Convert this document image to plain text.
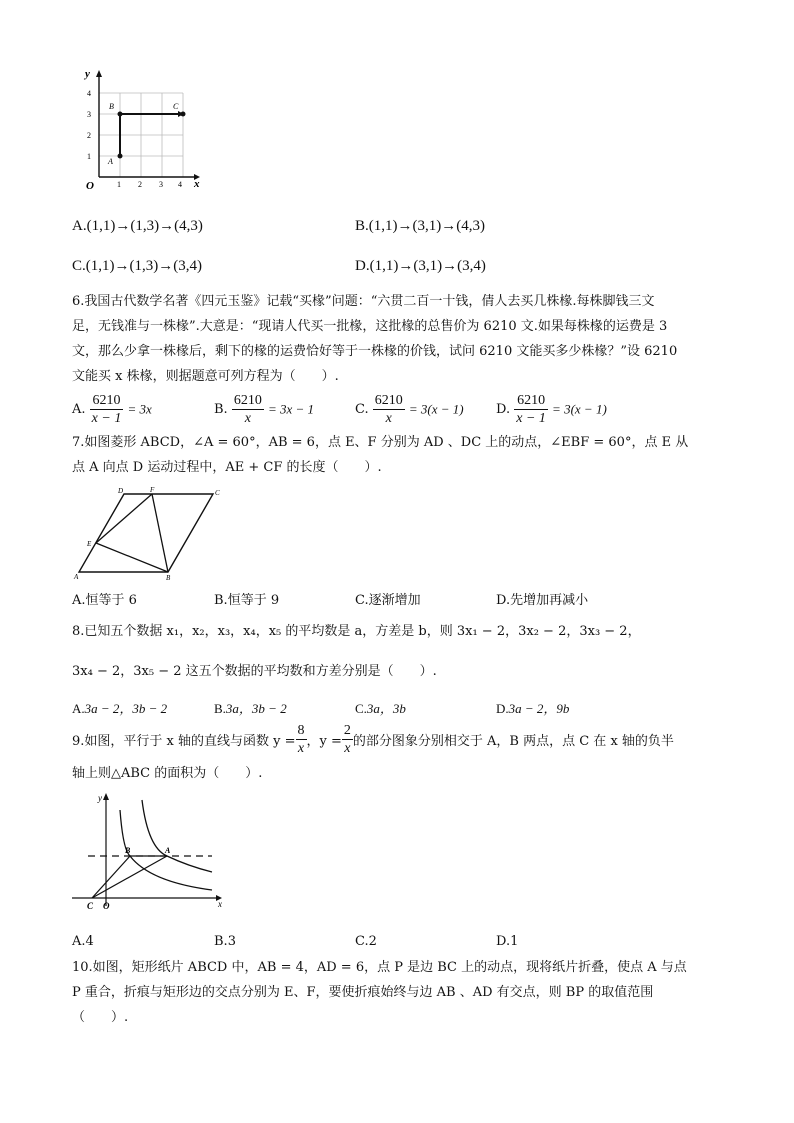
y
x
O
1
2
3
4
1 2 3 4
A
B	C
A.(1,1)→(1,3)→(4,3)	B.(1,1)→(3,1)→(4,3)
C.(1,1)→(1,3)→(3,4)	D.(1,1)→(3,1)→(3,4)
6.我国古代数学名著《四元玉鉴》记载“买椽”问题：“六贯二百一十钱，倩人去买几株椽.每株脚钱三文
足，无钱准与一株椽”.大意是：“现请人代买一批椽，这批椽的总售价为 6210 文.如果每株椽的运费是 3
文，那么少拿一株椽后，剩下的椽的运费恰好等于一株椽的价钱，试问 6210 文能买多少株椽？”设 6210
文能买 x 株椽，则据题意可列方程为（　　）.
A. $\frac{6210}{x - 1} = 3x$	B. $\frac{6210}{x} = 3x - 1$	C. $\frac{6210}{x} = 3(x - 1)$ D. $\frac{6210}{x - 1} = 3(x - 1)$
7.如图菱形 ABCD，∠A = 60°，AB = 6，点 E、F 分别为 AD 、DC 上的动点，∠EBF = 60°，点 E 从
点 A 向点 D 运动过程中，AE + CF 的长度（　　）.
A	B
C
D
E
F
A.恒等于 6	B.恒等于 9	C.逐渐增加	D.先增加再减小
8.已知五个数据 x₁，x₂，x₃，x₄，x₅ 的平均数是 a，方差是 b，则 3x₁ − 2，3x₂ − 2，3x₃ − 2，
3x₄ − 2，3x₅ − 2 这五个数据的平均数和方差分别是（　　）.
A.3a − 2，3b − 2	B.3a，3b − 2	C.3a，3b	D.3a − 2，9b
9.如图，平行于 x 轴的直线与函数 $y = \frac{8}{x}$ ，$y = \frac{2}{x}$ 的部分图象分别相交于 A，B 两点，点 C 在 x 轴的负半
轴上则△ABC 的面积为（　　）.
y
x
O
A
B
C
A.4	B.3	C.2	D.1
10.如图，矩形纸片 ABCD 中，AB = 4，AD = 6，点 P 是边 BC 上的动点，现将纸片折叠，使点 A 与点
P 重合，折痕与矩形边的交点分别为 E、F，要使折痕始终与边 AB 、AD 有交点，则 BP 的取值范围
（　　）.
